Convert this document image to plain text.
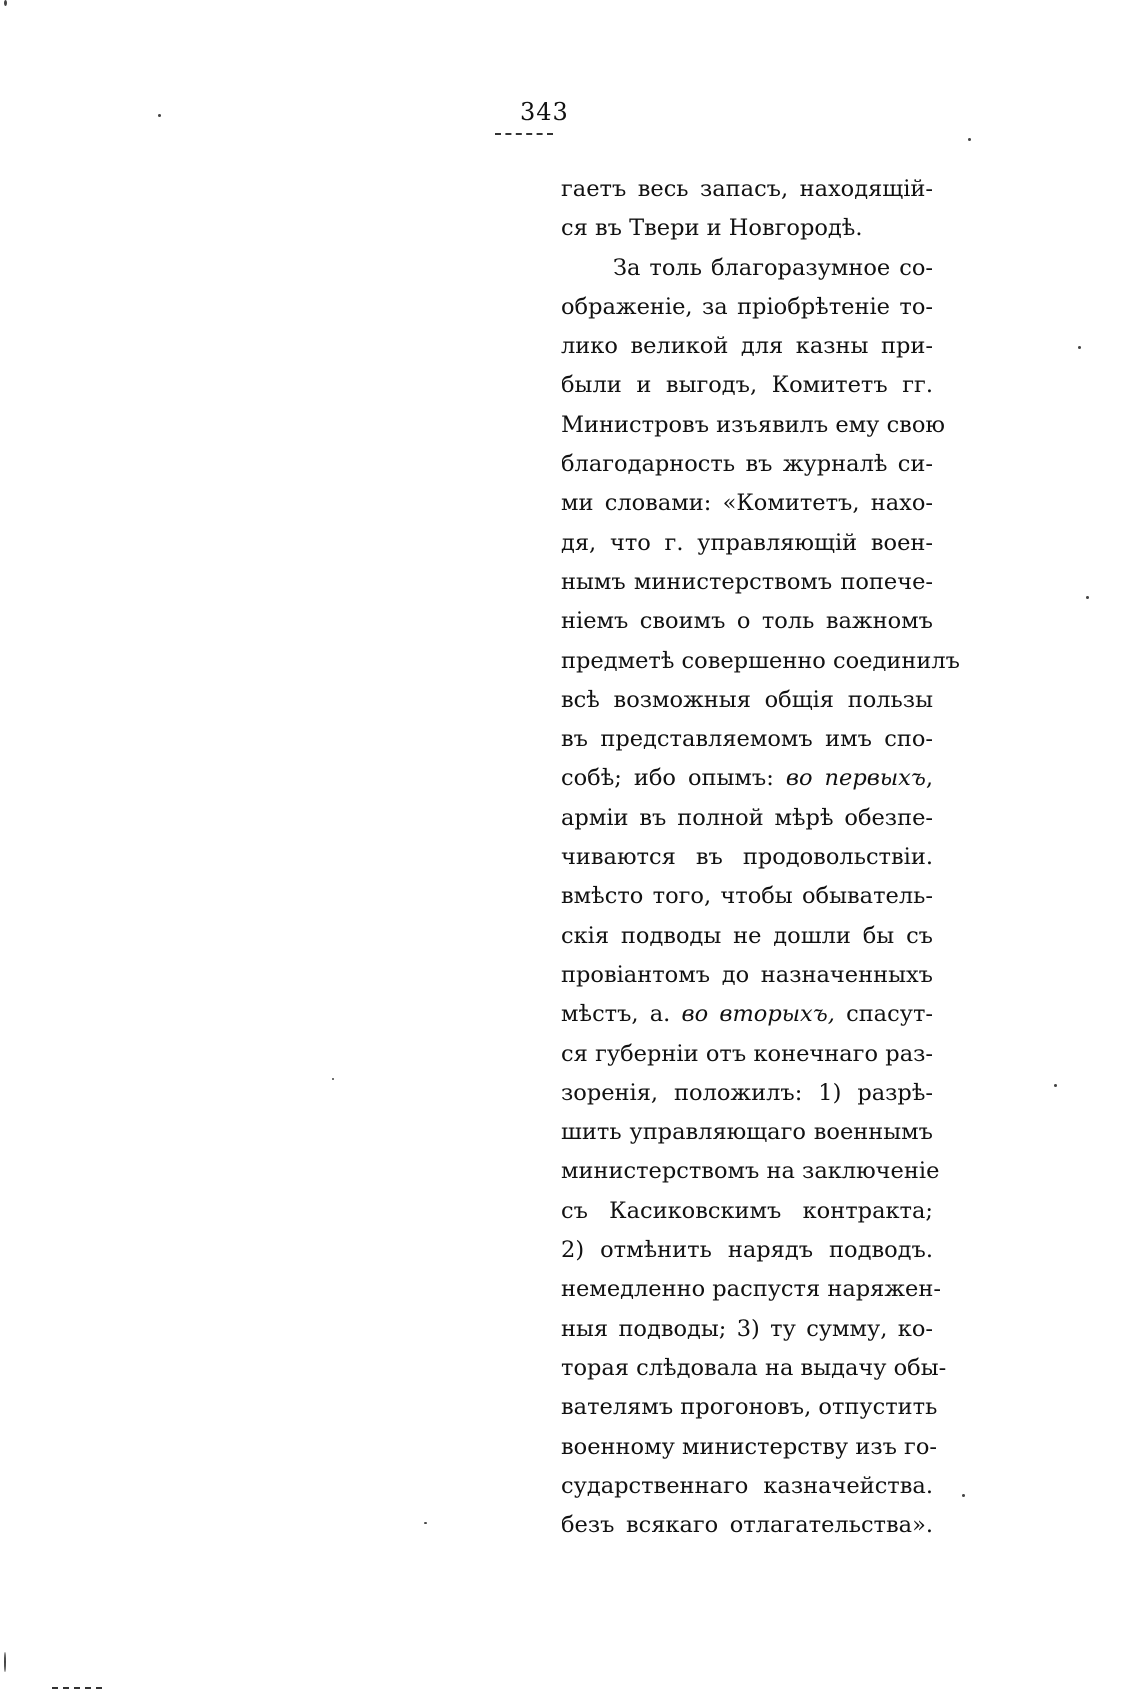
343
гаетъ весь запасъ, находящій-
ся въ Твери и Новгородѣ.
За толь благоразумное со-
ображеніе, за пріобрѣтеніе то-
лико великой для казны при-
были и выгодъ, Комитетъ гг.
Министровъ изъявилъ ему свою
благодарность въ журналѣ си-
ми словами: «Комитетъ, нахо-
дя, что г. управляющій воен-
нымъ министерствомъ попече-
ніемъ своимъ о толь важномъ
предметѣ совершенно соединилъ
всѣ возможныя общія пользы
въ представляемомъ имъ спо-
собѣ; ибо опымъ: во первыхъ,
арміи въ полной мѣрѣ обезпе-
чиваются въ продовольствіи.
вмѣсто того, чтобы обыватель-
скія подводы не дошли бы съ
провіантомъ до назначенныхъ
мѣстъ, а. во вторыхъ, спасут-
ся губерніи отъ конечнаго раз-
зоренія, положилъ: 1) разрѣ-
шить управляющаго военнымъ
министерствомъ на заключеніе
съ Касиковскимъ контракта;
2) отмѣнить нарядъ подводъ.
немедленно распустя наряжен-
ныя подводы; 3) ту сумму, ко-
торая слѣдовала на выдачу обы-
вателямъ прогоновъ, отпустить
военному министерству изъ го-
сударственнаго казначейства.
безъ всякаго отлагательства».
